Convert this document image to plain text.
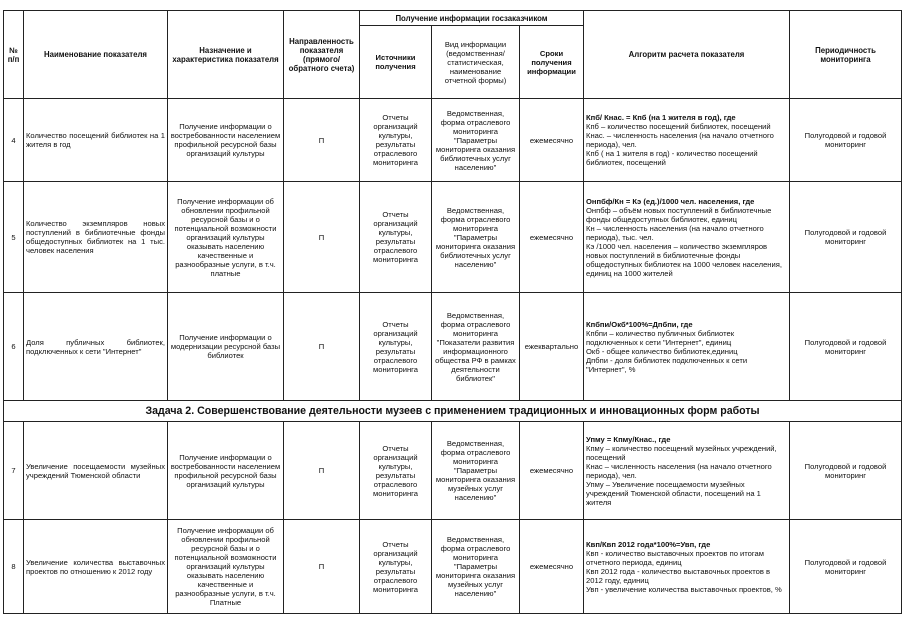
№
п/п	Наименование показателя	Назначение и характеристика показателя	Направленность показателя (прямого/ обратного счета)	Получение информации госзаказчиком			Алгоритм расчета показателя	Периодичность мониторинга
				Источники получения	Вид информации (ведомственная/ статистическая, наименование отчетной формы)	Сроки получения информации		
4	Количество посещений библиотек на 1 жителя в год	Получение информации о востребованности населением профильной ресурсной базы организаций культуры	П	Отчеты организаций культуры, результаты отраслевого мониторинга	Ведомственная, форма отраслевого мониторинга "Параметры мониторинга оказания библиотечных услуг населению"	ежемесячно	Кпб/ Кнас. = Кпб (на 1 жителя в год), где
Кпб – количество посещений библиотек, посещений
Кнас. – численность населения (на начало отчетного периода), чел.
Кпб ( на 1 жителя в год) - количество посещений библиотек, посещений	Полугодовой и годовой мониторинг
5	Количество экземпляров новых поступлений в библиотечные фонды общедоступных библиотек на 1 тыс. человек населения	Получение информации об обновлении профильной ресурсной базы и о потенциальной возможности организаций культуры оказывать населению качественные и разнообразные услуги, в т.ч. платные	П	Отчеты организаций культуры, результаты отраслевого мониторинга	Ведомственная, форма отраслевого мониторинга "Параметры мониторинга оказания библиотечных услуг населению"	ежемесячно	Онпбф/Кн = Кэ (ед.)/1000 чел. населения, где
Онпбф – объём новых поступлений в библиотечные фонды общедоступных библиотек, единиц
Кн – численность населения (на начало отчетного периода), тыс. чел.
Кэ /1000 чел. населения – количество экземпляров новых поступлений в библиотечные фонды общедоступных библиотек на 1000 человек населения, единиц на 1000 жителей	Полугодовой и годовой мониторинг
6	Доля публичных библиотек, подключенных к сети "Интернет"	Получение информации о модернизации ресурсной базы библиотек	П	Отчеты организаций культуры, результаты отраслевого мониторинга	Ведомственная, форма отраслевого мониторинга "Показатели развития информационного общества РФ в рамках деятельности библиотек"	ежеквартально	Кпбпи/Окб*100%=Дпбпи, где
Кпбпи – количество публичных библиотек подключенных к сети "Интернет", единиц
Окб - общее количество библиотек,единиц
Дпбпи - доля библиотек подключенных к сети "Интернет", %	Полугодовой и годовой мониторинг
Задача 2. Совершенствование деятельности музеев с применением традиционных и инновационных форм работы								
7	Увеличение посещаемости музейных учреждений Тюменской области	Получение информации о востребованности населением профильной ресурсной базы организаций культуры	П	Отчеты организаций культуры, результаты отраслевого мониторинга	Ведомственная, форма отраслевого мониторинга "Параметры мониторинга оказания музейных услуг населению"	ежемесячно	Упму = Кпму/Кнас., где
Кпму – количество посещений музейных учреждений, посещений
Кнас – численность населения (на начало отчетного периода), чел.
Упму – Увеличение посещаемости музейных учреждений Тюменской области, посещений на 1 жителя	Полугодовой и годовой мониторинг
8	Увеличение количества выставочных проектов по отношению к 2012 году	Получение информации об обновлении профильной ресурсной базы и о потенциальной возможности организаций культуры оказывать населению качественные и разнообразные услуги, в т.ч. Платные	П	Отчеты организаций культуры, результаты отраслевого мониторинга	Ведомственная, форма отраслевого мониторинга "Параметры мониторинга оказания музейных услуг населению"	ежемесячно	Квп/Квп 2012 года*100%=Увп, где
Квп - количество выставочных проектов по итогам отчетного периода, единиц
Квп 2012 года - количество выставочных проектов в 2012 году, единиц
Увп - увеличение количества выставочных проектов, %	Полугодовой и годовой мониторинг
